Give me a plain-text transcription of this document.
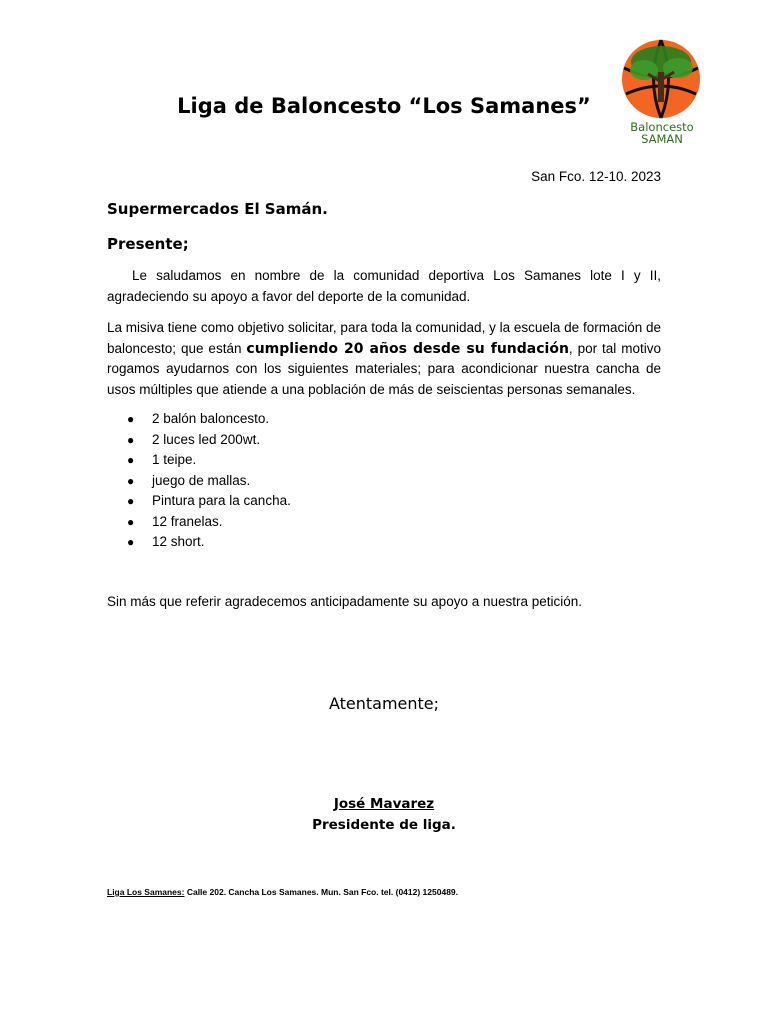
Liga de Baloncesto “Los Samanes”
Baloncesto
SAMAN
San Fco. 12-10. 2023
Supermercados El Samán.
Presente;
Le saludamos en nombre de la comunidad deportiva Los Samanes lote I y II, agradeciendo su apoyo a favor del deporte de la comunidad.
La misiva tiene como objetivo solicitar, para toda la comunidad, y la escuela de formación de baloncesto; que están cumpliendo 20 años desde su fundación, por tal motivo rogamos ayudarnos con los siguientes materiales; para acondicionar nuestra cancha de usos múltiples que atiende a una población de más de seiscientas personas semanales.
● 2 balón baloncesto.
● 2 luces led 200wt.
● 1 teipe.
● juego de mallas.
● Pintura para la cancha.
● 12 franelas.
● 12 short.
Sin más que referir agradecemos anticipadamente su apoyo a nuestra petición.
Atentamente;
José Mavarez
Presidente de liga.
Liga Los Samanes: Calle 202. Cancha Los Samanes. Mun. San Fco. tel. (0412) 1250489.
